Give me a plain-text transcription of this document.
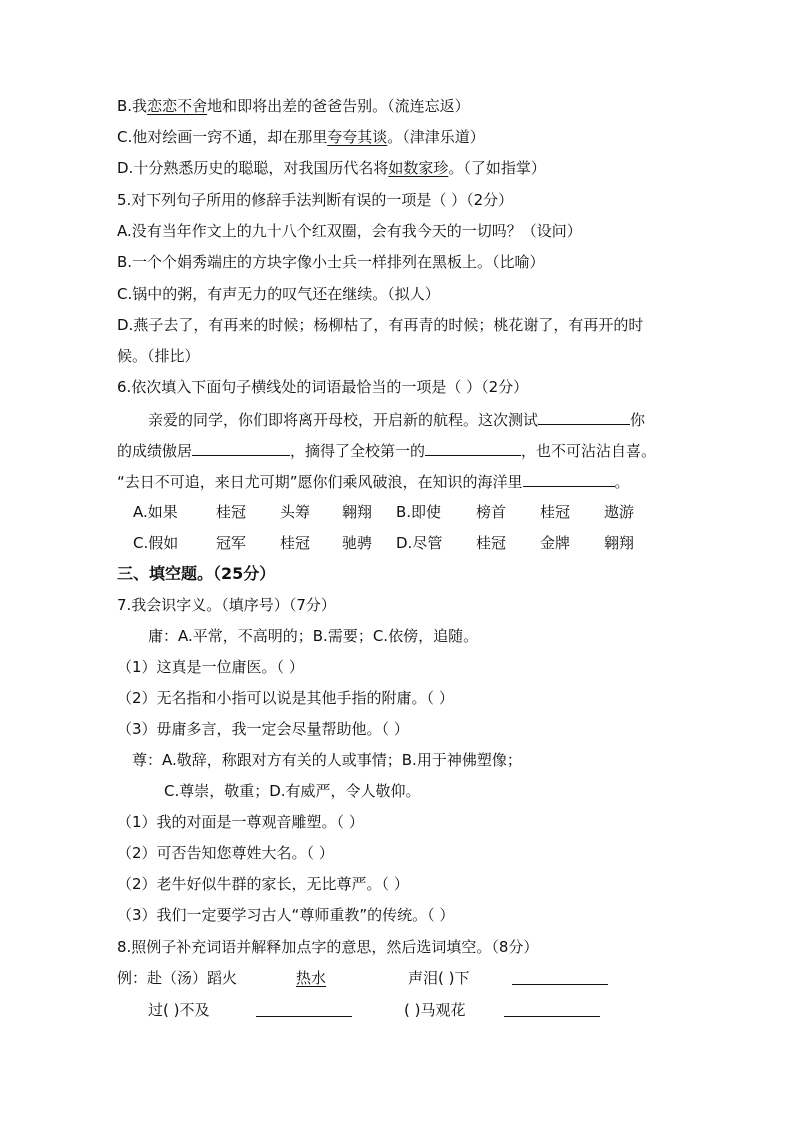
B.我恋恋不舍地和即将出差的爸爸告别。（流连忘返）
C.他对绘画一窍不通，却在那里夸夸其谈。（津津乐道）
D.十分熟悉历史的聪聪，对我国历代名将如数家珍。（了如指掌）
5.对下列句子所用的修辞手法判断有误的一项是（ ）（2分）
A.没有当年作文上的九十八个红双圈，会有我今天的一切吗？（设问）
B.一个个娟秀端庄的方块字像小士兵一样排列在黑板上。（比喻）
C.锅中的粥，有声无力的叹气还在继续。（拟人）
D.燕子去了，有再来的时候；杨柳枯了，有再青的时候；桃花谢了，有再开的时
候。（排比）
6.依次填入下面句子横线处的词语最恰当的一项是（ ）（2分）
亲爱的同学，你们即将离开母校，开启新的航程。这次测试	你
的成绩傲居	，摘得了全校第一的	，也不可沾沾自喜。
“去日不可追，来日尤可期”愿你们乘风破浪，在知识的海洋里	。
A.如果	桂冠 头筹 翱翔 B.即使 榜首 桂冠 遨游
C.假如	冠军 桂冠 驰骋 D.尽管 桂冠 金牌 翱翔
三、填空题。（25分）
7.我会识字义。（填序号）（7分）
庸：A.平常，不高明的；B.需要；C.依傍，追随。
（1）这真是一位庸医。（ ）
（2）无名指和小指可以说是其他手指的附庸。（ ）
（3）毋庸多言，我一定会尽量帮助他。（ ）
尊：A.敬辞，称跟对方有关的人或事情；B.用于神佛塑像；
C.尊崇，敬重；D.有威严，令人敬仰。
（1）我的对面是一尊观音雕塑。（ ）
（2）可否告知您尊姓大名。（ ）
（2）老牛好似牛群的家长，无比尊严。（ ）
（3）我们一定要学习古人“尊师重教”的传统。（ ）
8.照例子补充词语并解释加点字的意思，然后选词填空。（8分）
例：赴（汤）蹈火	热水	声泪( )下
过( )不及	( )马观花
